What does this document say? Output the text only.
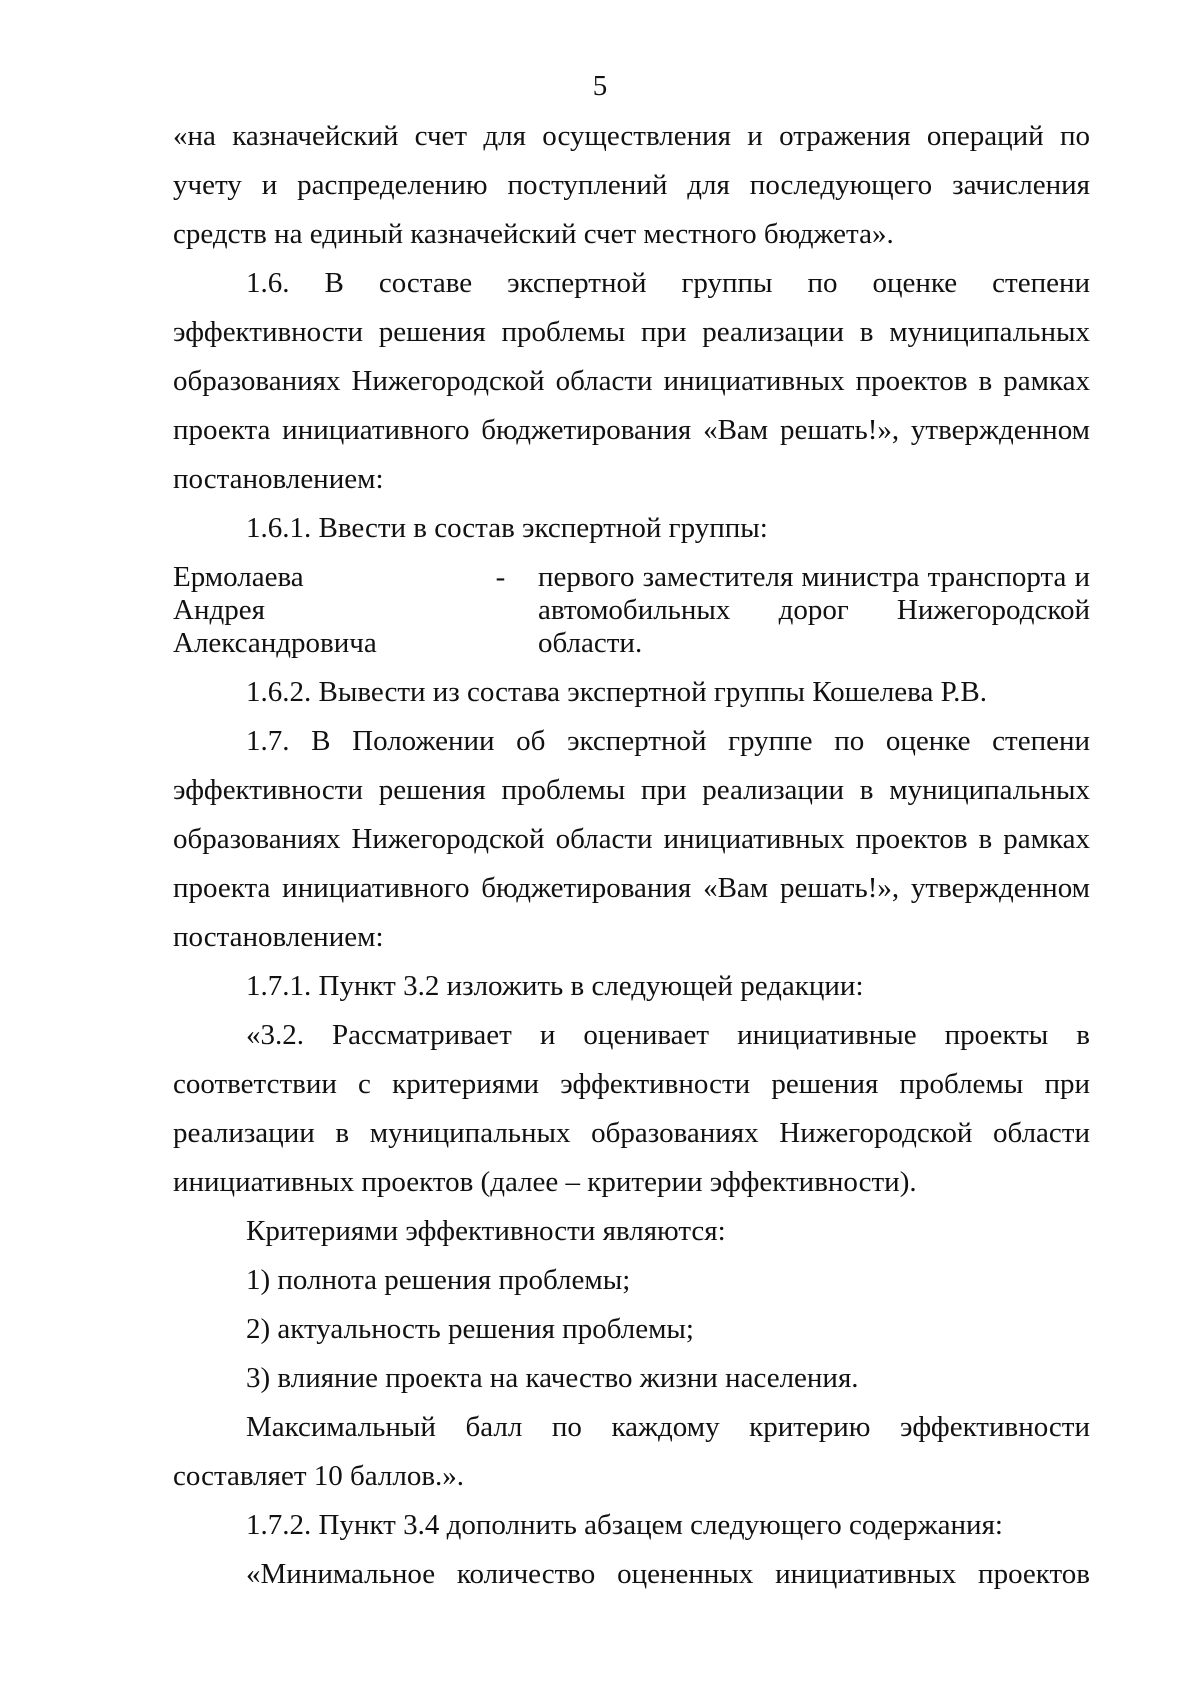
5

«на казначейский счет для осуществления и отражения операций по учету и распределению поступлений для последующего зачисления средств на единый казначейский счет местного бюджета».

1.6. В составе экспертной группы по оценке степени эффективности решения проблемы при реализации в муниципальных образованиях Нижегородской области инициативных проектов в рамках проекта инициативного бюджетирования «Вам решать!», утвержденном постановлением:

1.6.1. Ввести в состав экспертной группы:

Ермолаева
Андрея Александровича
-	первого заместителя министра транспорта и автомобильных дорог Нижегородской области.

1.6.2. Вывести из состава экспертной группы Кошелева Р.В.

1.7. В Положении об экспертной группе по оценке степени эффективности решения проблемы при реализации в муниципальных образованиях Нижегородской области инициативных проектов в рамках проекта инициативного бюджетирования «Вам решать!», утвержденном постановлением:

1.7.1. Пункт 3.2 изложить в следующей редакции:

«3.2. Рассматривает и оценивает инициативные проекты в соответствии с критериями эффективности решения проблемы при реализации в муниципальных образованиях Нижегородской области инициативных проектов (далее – критерии эффективности).

Критериями эффективности являются:

1) полнота решения проблемы;

2) актуальность решения проблемы;

3) влияние проекта на качество жизни населения.

Максимальный балл по каждому критерию эффективности составляет 10 баллов.».

1.7.2. Пункт 3.4 дополнить абзацем следующего содержания:

«Минимальное количество оцененных инициативных проектов
